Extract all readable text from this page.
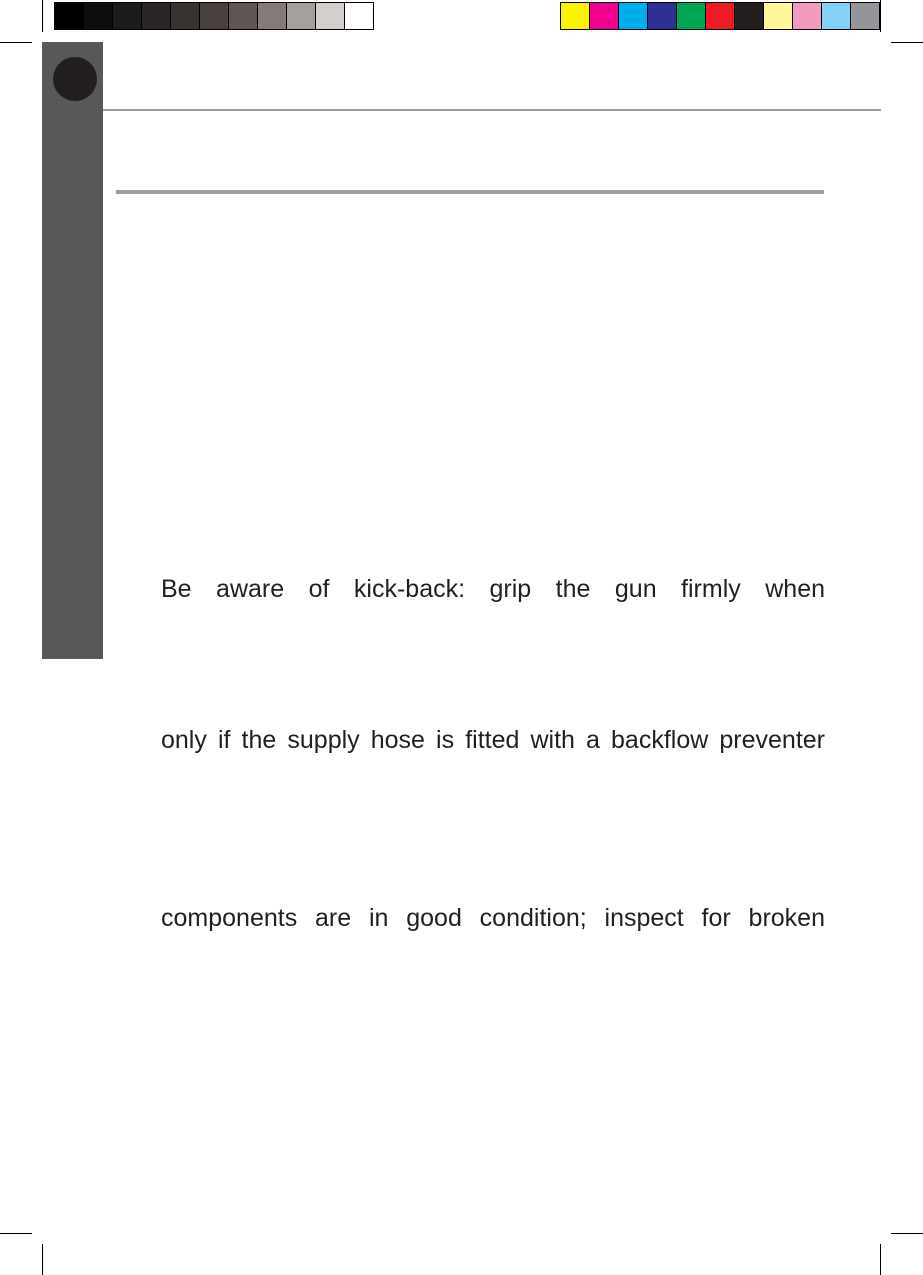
Be aware of kick-back: grip the gun firmly when
only if the supply hose is fitted with a backflow preventer
components are in good condition; inspect for broken
